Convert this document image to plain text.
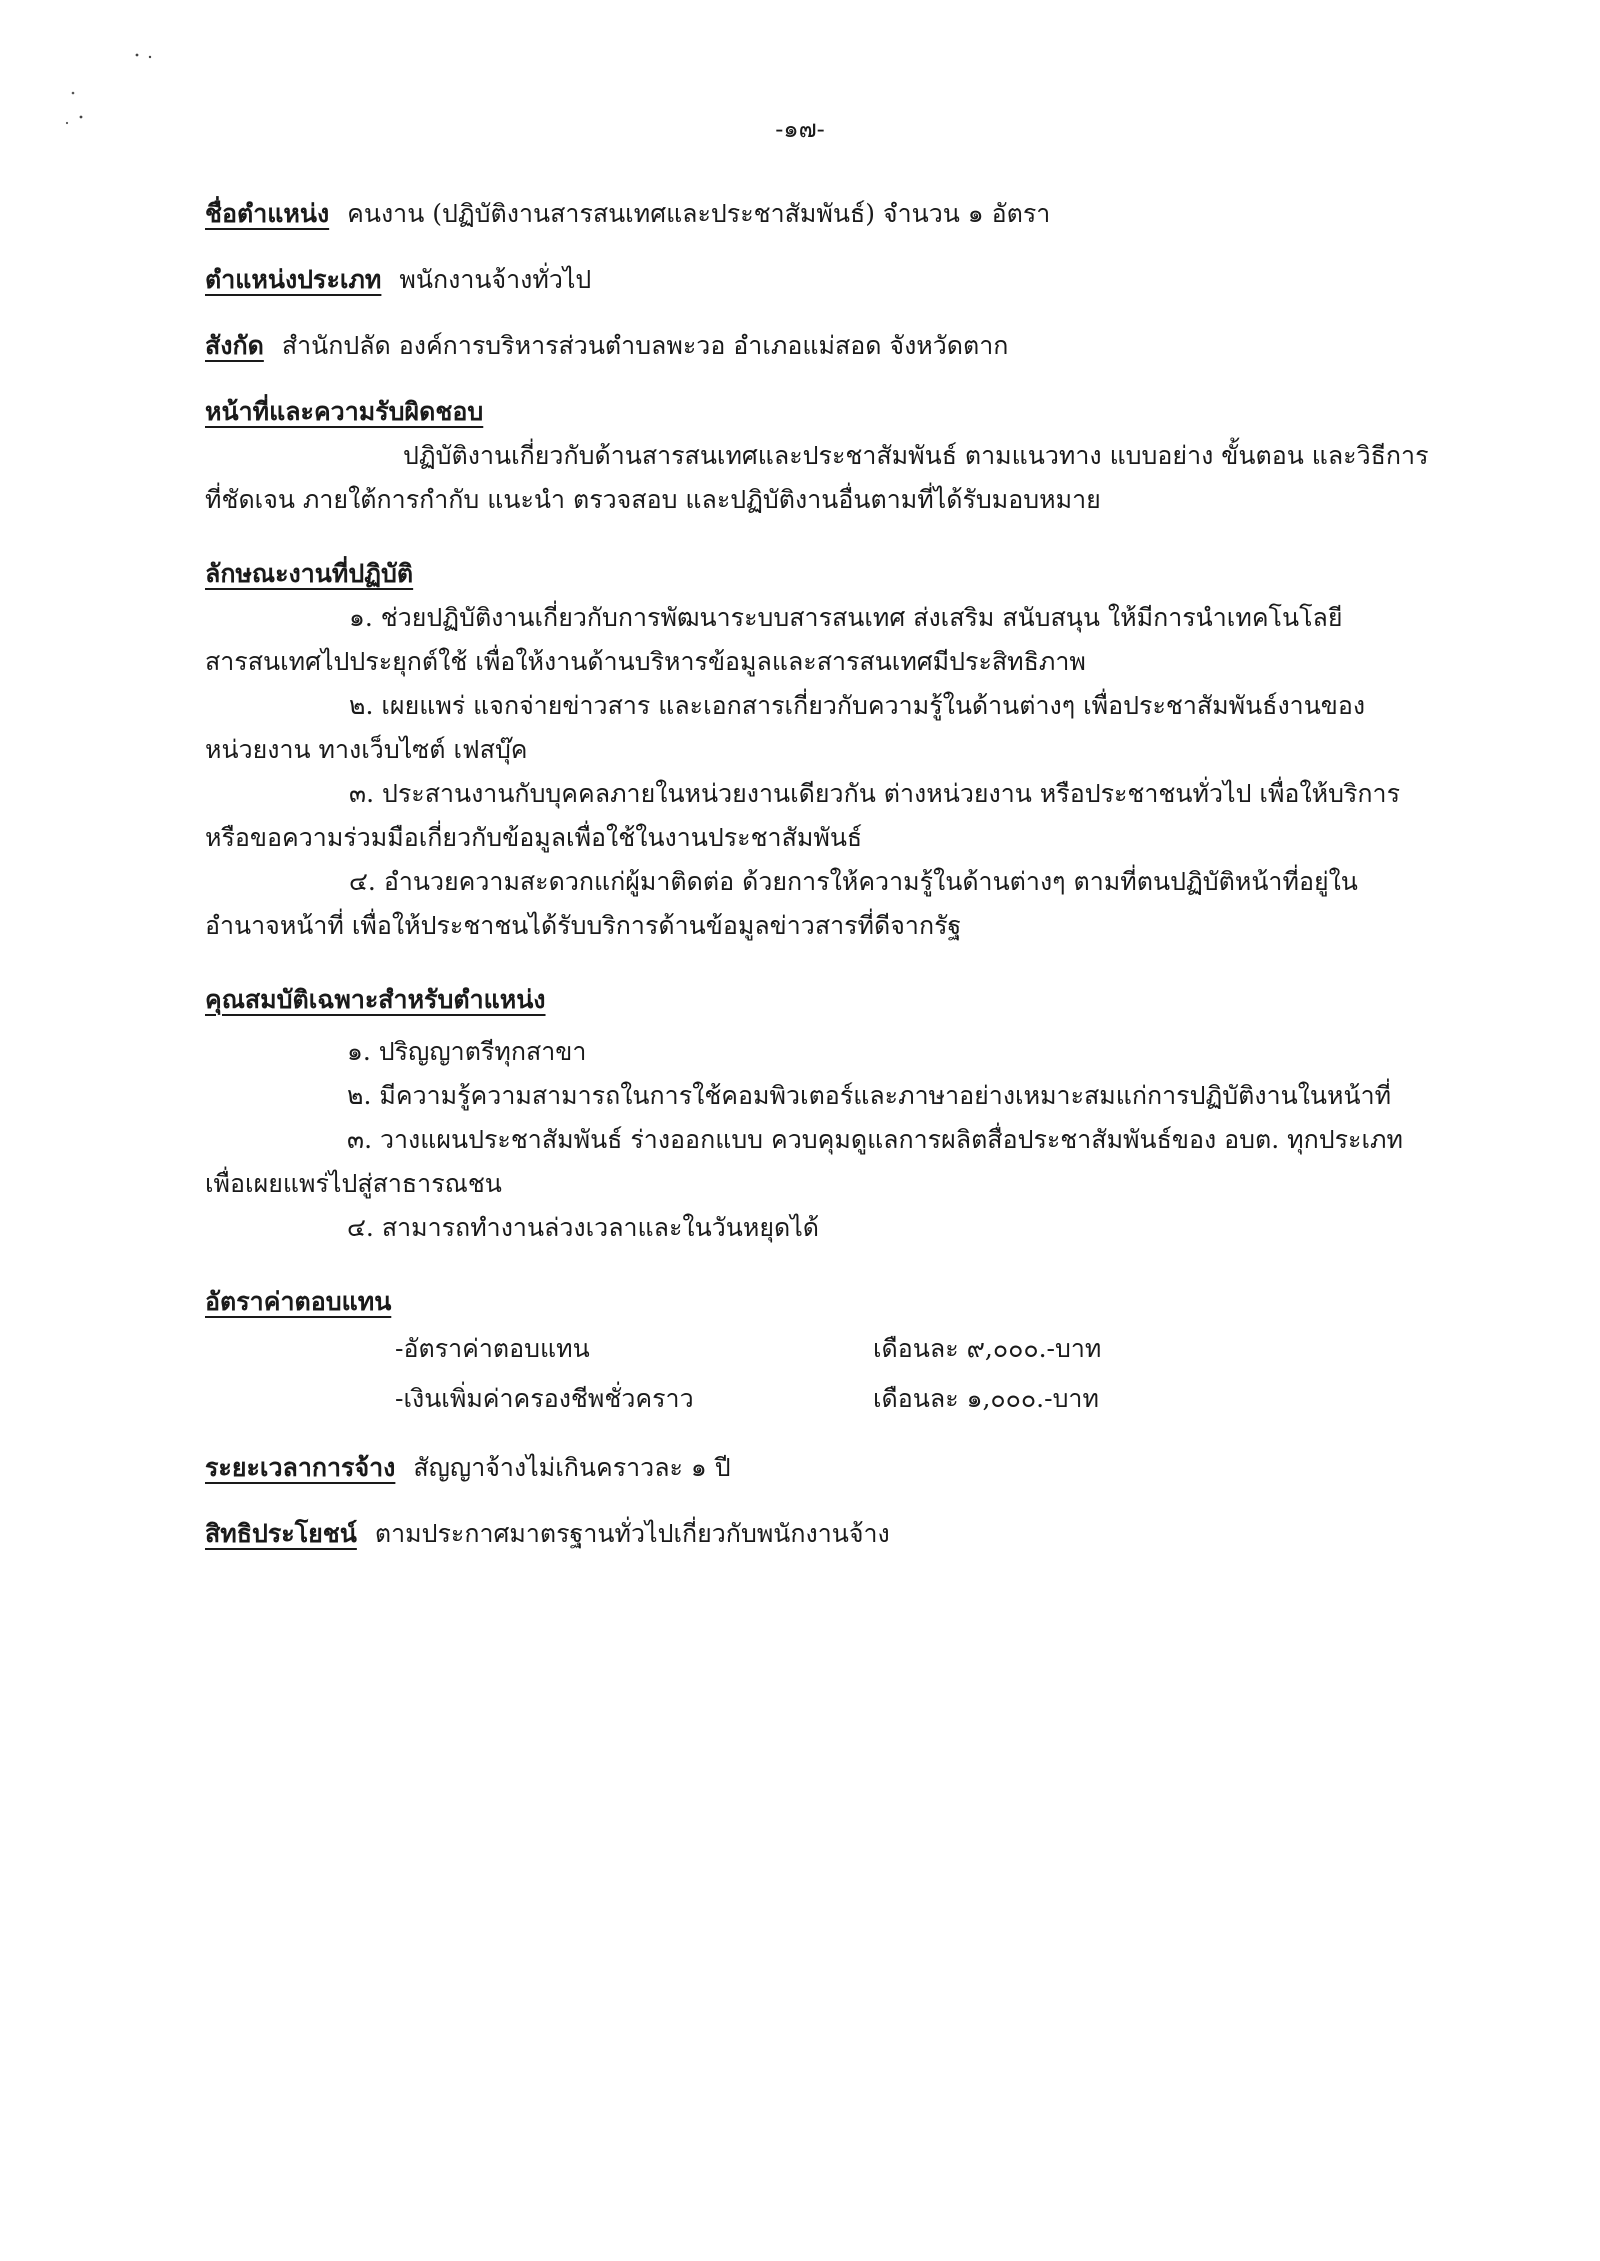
-๑๗-
ชื่อตำแหน่ง คนงาน (ปฏิบัติงานสารสนเทศและประชาสัมพันธ์) จำนวน ๑ อัตรา
ตำแหน่งประเภท พนักงานจ้างทั่วไป
สังกัด สำนักปลัด องค์การบริหารส่วนตำบลพะวอ อำเภอแม่สอด จังหวัดตาก
หน้าที่และความรับผิดชอบ
ปฏิบัติงานเกี่ยวกับด้านสารสนเทศและประชาสัมพันธ์ ตามแนวทาง แบบอย่าง ขั้นตอน และวิธีการ
ที่ชัดเจน ภายใต้การกำกับ แนะนำ ตรวจสอบ และปฏิบัติงานอื่นตามที่ได้รับมอบหมาย
ลักษณะงานที่ปฏิบัติ
๑. ช่วยปฏิบัติงานเกี่ยวกับการพัฒนาระบบสารสนเทศ ส่งเสริม สนับสนุน ให้มีการนำเทคโนโลยี
สารสนเทศไปประยุกต์ใช้ เพื่อให้งานด้านบริหารข้อมูลและสารสนเทศมีประสิทธิภาพ
๒. เผยแพร่ แจกจ่ายข่าวสาร และเอกสารเกี่ยวกับความรู้ในด้านต่างๆ เพื่อประชาสัมพันธ์งานของ
หน่วยงาน ทางเว็บไซต์ เฟสบุ๊ค
๓. ประสานงานกับบุคคลภายในหน่วยงานเดียวกัน ต่างหน่วยงาน หรือประชาชนทั่วไป เพื่อให้บริการ
หรือขอความร่วมมือเกี่ยวกับข้อมูลเพื่อใช้ในงานประชาสัมพันธ์
๔. อำนวยความสะดวกแก่ผู้มาติดต่อ ด้วยการให้ความรู้ในด้านต่างๆ ตามที่ตนปฏิบัติหน้าที่อยู่ใน
อำนาจหน้าที่ เพื่อให้ประชาชนได้รับบริการด้านข้อมูลข่าวสารที่ดีจากรัฐ
คุณสมบัติเฉพาะสำหรับตำแหน่ง
๑. ปริญญาตรีทุกสาขา
๒. มีความรู้ความสามารถในการใช้คอมพิวเตอร์และภาษาอย่างเหมาะสมแก่การปฏิบัติงานในหน้าที่
๓. วางแผนประชาสัมพันธ์ ร่างออกแบบ ควบคุมดูแลการผลิตสื่อประชาสัมพันธ์ของ อบต. ทุกประเภท
เพื่อเผยแพร่ไปสู่สาธารณชน
๔. สามารถทำงานล่วงเวลาและในวันหยุดได้
อัตราค่าตอบแทน
-อัตราค่าตอบแทน	เดือนละ ๙,๐๐๐.-บาท
-เงินเพิ่มค่าครองชีพชั่วคราว	เดือนละ ๑,๐๐๐.-บาท
ระยะเวลาการจ้าง สัญญาจ้างไม่เกินคราวละ ๑ ปี
สิทธิประโยชน์ ตามประกาศมาตรฐานทั่วไปเกี่ยวกับพนักงานจ้าง
